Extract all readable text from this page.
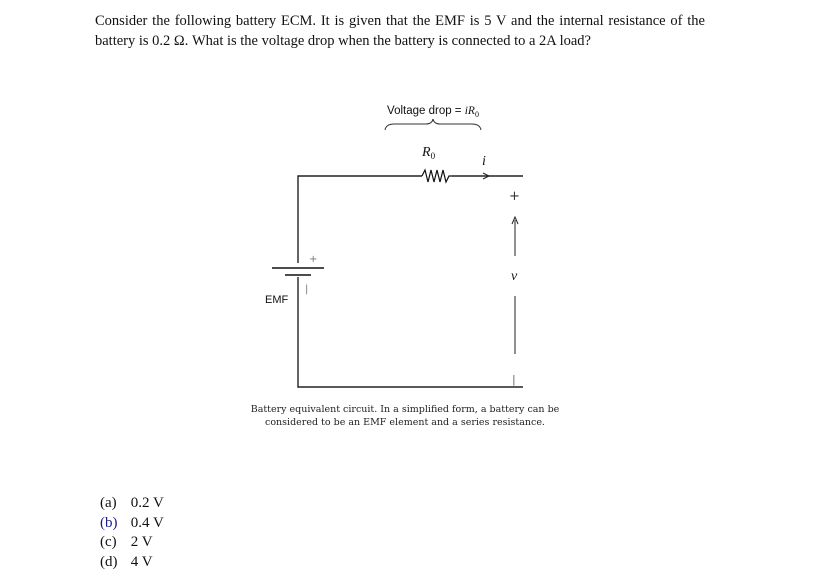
Consider the following battery ECM. It is given that the EMF is 5 V and the internal resistance of the battery is 0.2 Ω. What is the voltage drop when the battery is connected to a 2A load?
Voltage drop = $iR_0$
$R_0$	i
+
|
EMF
+
v
|
Battery equivalent circuit. In a simplified form, a battery can be considered to be an EMF element and a series resistance.
(a) 0.2 V
(b) 0.4 V
(c) 2 V
(d) 4 V
